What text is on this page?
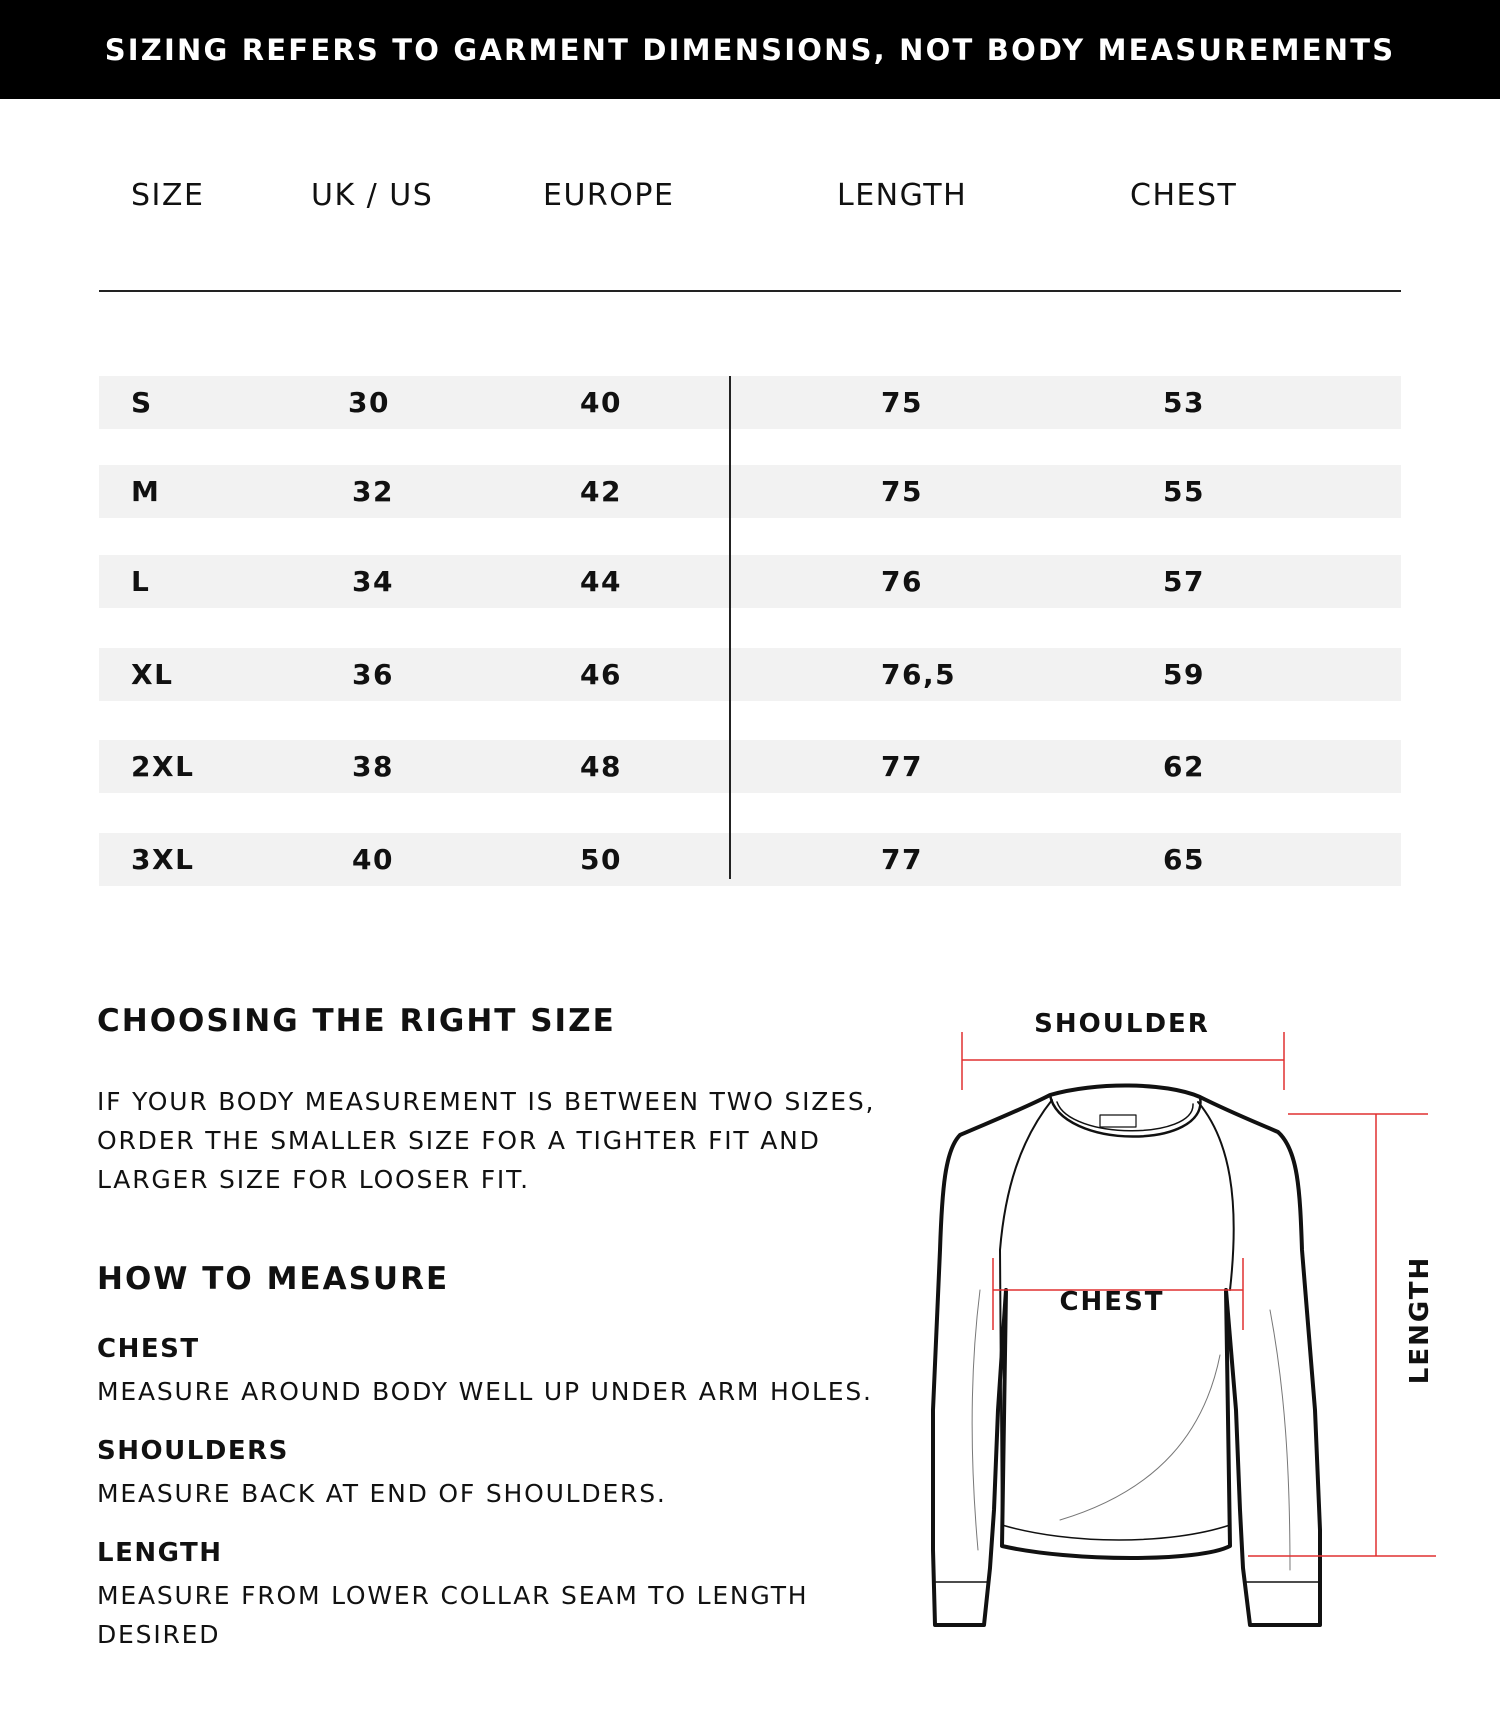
SIZING REFERS TO GARMENT DIMENSIONS, NOT BODY MEASUREMENTS
SIZE	UK / US	EUROPE	LENGTH	CHEST
S	30	40	75	53
M	32	42	75	55
L	34	44	76	57
XL	36	46	76,5	59
2XL	38	48	77	62
3XL	40	50	77	65
CHOOSING THE RIGHT SIZE
IF YOUR BODY MEASUREMENT IS BETWEEN TWO SIZES,
ORDER THE SMALLER SIZE FOR A TIGHTER FIT AND
LARGER SIZE FOR LOOSER FIT.
HOW TO MEASURE
CHEST
MEASURE AROUND BODY WELL UP UNDER ARM HOLES.
SHOULDERS
MEASURE BACK AT END OF SHOULDERS.
LENGTH
MEASURE FROM LOWER COLLAR SEAM TO LENGTH
DESIRED
SHOULDER
CHEST	LENGTH
